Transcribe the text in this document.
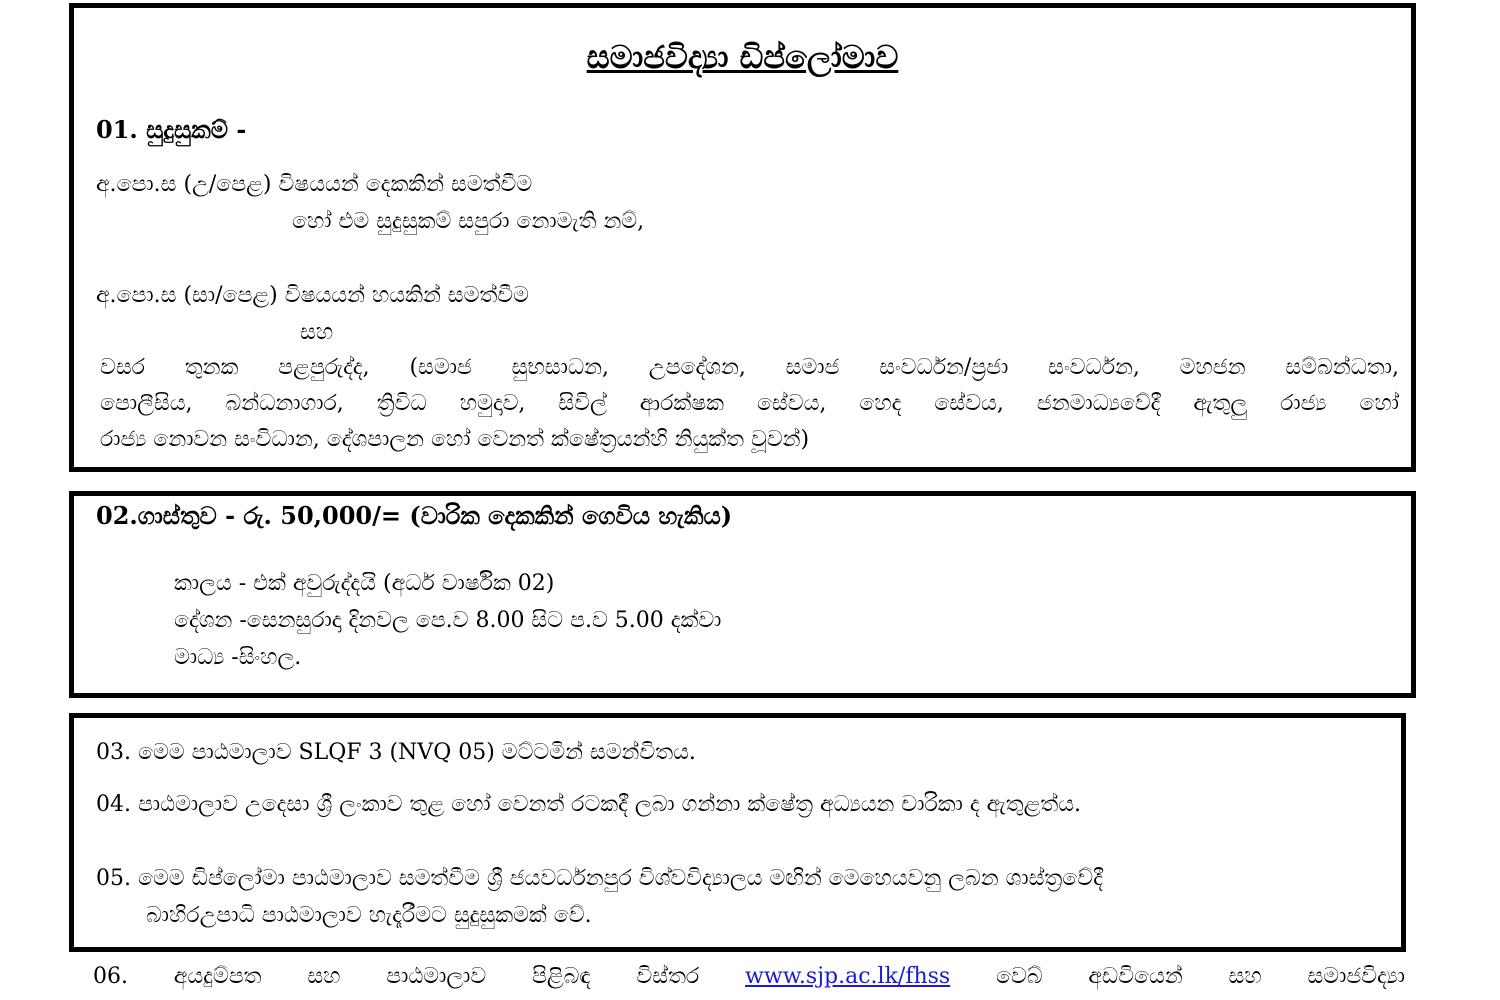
සමාජවිද්‍යා ඩිප්ලෝමාව
01. සුදුසුකම් -
අ.පො.ස (උ/පෙළ) විෂයයන් දෙකකින් සමත්වීම
හෝ එම සුදුසුකම් සපුරා නොමැති නම්,
අ.පො.ස (සා/පෙළ) විෂයයන් හයකින් සමත්වීම
සහ
වසර තුනක පළපුරුද්ද, (සමාජ සුභසාධන, උපදේශන, සමාජ සංවර්ධන/ප්‍රජා සංවර්ධන, මහජන සම්බන්ධතා,
පොලීසිය, බන්ධනාගාර, ත්‍රිවිධ හමුදාව, සිවිල් ආරක්ෂක සේවය, හෙද සේවය, ජනමාධ්‍යවේදී ඇතුලු රාජ්‍ය හෝ
රාජ්‍ය නොවන සංවිධාන, දේශපාලන හෝ වෙනත් ක්ෂේත්‍රයන්හි නියුක්ත වූවන්)
02.ගාස්තුව - රු. 50,000/= (වාරික දෙකකින් ගෙවිය හැකිය)
කාලය - එක් අවුරුද්දයි (අර්ධ වාර්ෂික 02)
දේශන -සෙනසුරාදා දිනවල පෙ.ව 8.00 සිට ප.ව 5.00 දක්වා
මාධ්‍ය -සිංහල.
03. මෙම පාඨමාලාව SLQF 3 (NVQ 05) මට්ටමින් සමන්විතය.
04. පාඨමාලාව උදෙසා ශ්‍රී ලංකාව තුළ හෝ වෙනත් රටකදී ලබා ගන්නා ක්ෂේත්‍ර අධ්‍යයන චාරිකා ද ඇතුළත්ය.
05. මෙම ඩිප්ලෝමා පාඨමාලාව සමත්වීම ශ්‍රී ජයවර්ධනපුර විශ්වවිද්‍යාලය මඟින් මෙහෙයවනු ලබන ශාස්ත්‍රවේදී
බාහිරඋපාධි පාඨමාලාව හැදෑරීමට සුදුසුකමක් වේ.
06. අයදුම්පත සහ පාඨමාලාව පිළිබඳ විස්තර www.sjp.ac.lk/fhss වෙබ් අඩවියෙන් සහ සමාජවිද්‍යා
